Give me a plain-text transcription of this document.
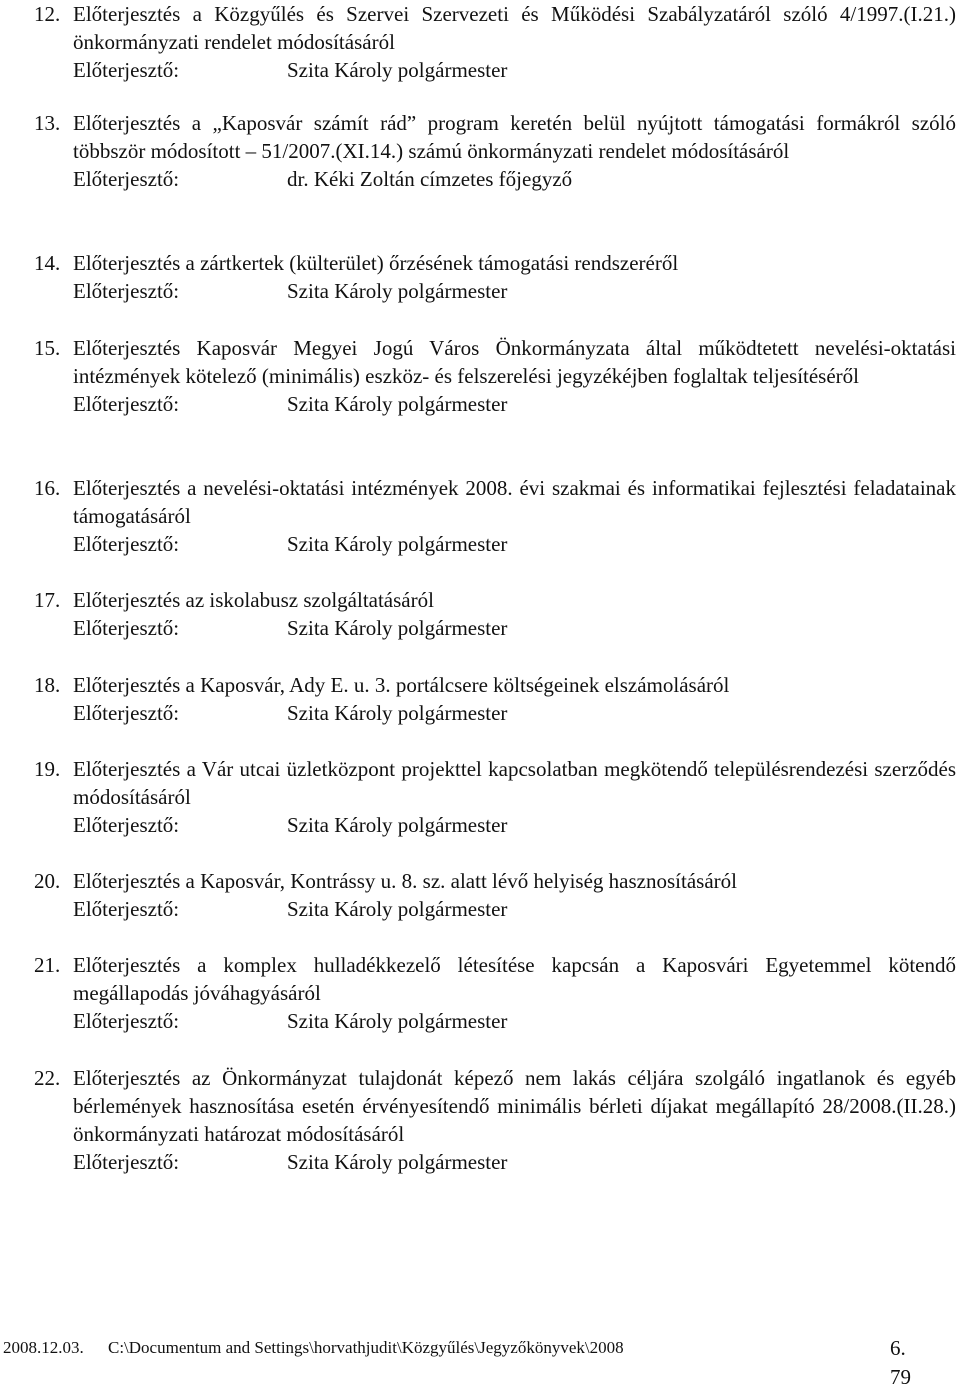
12. Előterjesztés a Közgyűlés és Szervei Szervezeti és Működési Szabályzatáról szóló 4/1997.(I.21.) önkormányzati rendelet módosításáról
Előterjesztő:	Szita Károly polgármester
13. Előterjesztés a „Kaposvár számít rád” program keretén belül nyújtott támogatási formákról szóló többször módosított – 51/2007.(XI.14.) számú önkormányzati rendelet módosításáról
Előterjesztő:	dr. Kéki Zoltán címzetes főjegyző
14. Előterjesztés a zártkertek (külterület) őrzésének támogatási rendszeréről
Előterjesztő:	Szita Károly polgármester
15. Előterjesztés Kaposvár Megyei Jogú Város Önkormányzata által működtetett nevelési-oktatási intézmények kötelező (minimális) eszköz- és felszerelési jegyzékéjben foglaltak teljesítéséről
Előterjesztő:	Szita Károly polgármester
16. Előterjesztés a nevelési-oktatási intézmények 2008. évi szakmai és informatikai fejlesztési feladatainak támogatásáról
Előterjesztő:	Szita Károly polgármester
17. Előterjesztés az iskolabusz szolgáltatásáról
Előterjesztő:	Szita Károly polgármester
18. Előterjesztés a Kaposvár, Ady E. u. 3. portálcsere költségeinek elszámolásáról
Előterjesztő:	Szita Károly polgármester
19. Előterjesztés a Vár utcai üzletközpont projekttel kapcsolatban megkötendő településrendezési szerződés módosításáról
Előterjesztő:	Szita Károly polgármester
20. Előterjesztés a Kaposvár, Kontrássy u. 8. sz. alatt lévő helyiség hasznosításáról
Előterjesztő:	Szita Károly polgármester
21. Előterjesztés a komplex hulladékkezelő létesítése kapcsán a Kaposvári Egyetemmel kötendő megállapodás jóváhagyásáról
Előterjesztő:	Szita Károly polgármester
22. Előterjesztés az Önkormányzat tulajdonát képező nem lakás céljára szolgáló ingatlanok és egyéb bérlemények hasznosítása esetén érvényesítendő minimális bérleti díjakat megállapító 28/2008.(II.28.) önkormányzati határozat módosításáról
Előterjesztő:	Szita Károly polgármester
2008.12.03. C:\Documentum and Settings\horvathjudit\Közgyűlés\Jegyzőkönyvek\2008	6.
79
